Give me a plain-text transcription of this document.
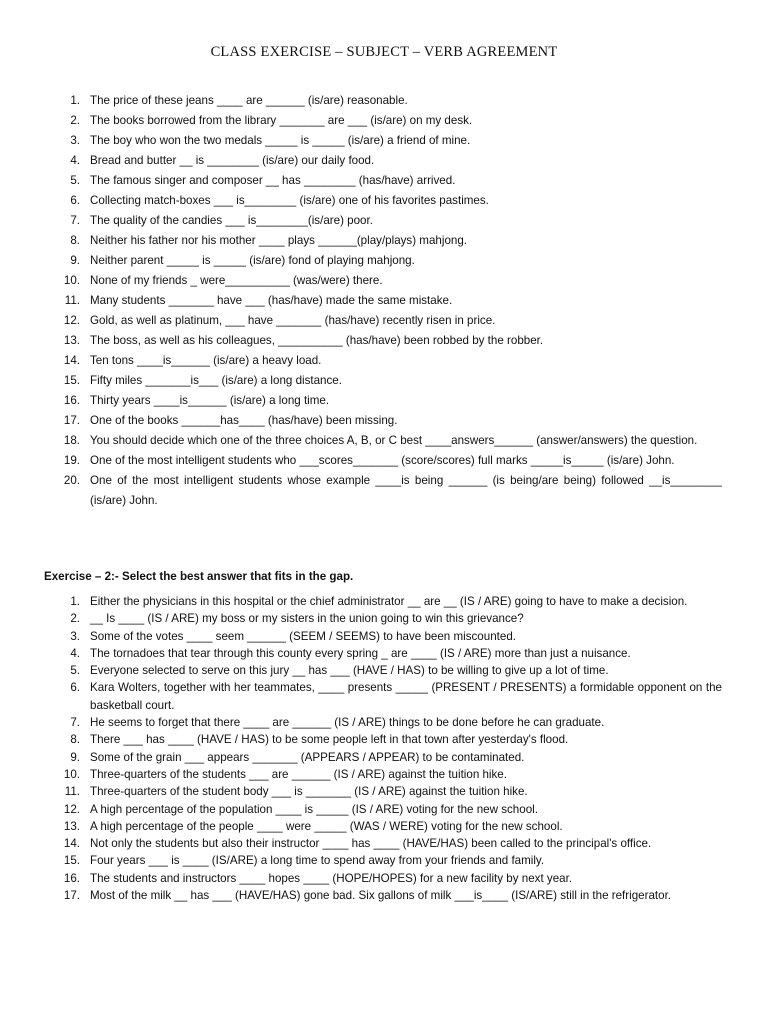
CLASS EXERCISE – SUBJECT – VERB AGREEMENT
1. The price of these jeans ____ are ______ (is/are) reasonable.
2. The books borrowed from the library _______ are ___ (is/are) on my desk.
3. The boy who won the two medals _____ is _____ (is/are) a friend of mine.
4. Bread and butter __ is ________ (is/are) our daily food.
5. The famous singer and composer __ has ________ (has/have) arrived.
6. Collecting match-boxes ___ is________ (is/are) one of his favorites pastimes.
7. The quality of the candies ___ is________(is/are) poor.
8. Neither his father nor his mother ____ plays ______(play/plays) mahjong.
9. Neither parent _____ is _____ (is/are) fond of playing mahjong.
10. None of my friends _ were__________ (was/were) there.
11. Many students _______ have ___ (has/have) made the same mistake.
12. Gold, as well as platinum, ___ have _______ (has/have) recently risen in price.
13. The boss, as well as his colleagues, __________ (has/have) been robbed by the robber.
14. Ten tons ____is______ (is/are) a heavy load.
15. Fifty miles _______is___ (is/are) a long distance.
16. Thirty years ____is______ (is/are) a long time.
17. One of the books ______has____ (has/have) been missing.
18. You should decide which one of the three choices A, B, or C best ____answers______ (answer/answers) the question.
19. One of the most intelligent students who ___scores_______ (score/scores) full marks _____is_____ (is/are) John.
20. One of the most intelligent students whose example ____is being ______ (is being/are being) followed __is________ (is/are) John.
Exercise – 2:- Select the best answer that fits in the gap.
1. Either the physicians in this hospital or the chief administrator __ are __ (IS / ARE) going to have to make a decision.
2. __ Is ____ (IS / ARE) my boss or my sisters in the union going to win this grievance?
3. Some of the votes ____ seem ______ (SEEM / SEEMS) to have been miscounted.
4. The tornadoes that tear through this county every spring _ are ____ (IS / ARE) more than just a nuisance.
5. Everyone selected to serve on this jury __ has ___ (HAVE / HAS) to be willing to give up a lot of time.
6. Kara Wolters, together with her teammates, ____ presents _____ (PRESENT / PRESENTS) a formidable opponent on the basketball court.
7. He seems to forget that there ____ are ______ (IS / ARE) things to be done before he can graduate.
8. There ___ has ____ (HAVE / HAS) to be some people left in that town after yesterday's flood.
9. Some of the grain ___ appears _______ (APPEARS / APPEAR) to be contaminated.
10. Three-quarters of the students ___ are ______ (IS / ARE) against the tuition hike.
11. Three-quarters of the student body ___ is _______ (IS / ARE) against the tuition hike.
12. A high percentage of the population ____ is _____ (IS / ARE) voting for the new school.
13. A high percentage of the people ____ were _____ (WAS / WERE) voting for the new school.
14. Not only the students but also their instructor ____ has ____ (HAVE/HAS) been called to the principal's office.
15. Four years ___ is ____ (IS/ARE) a long time to spend away from your friends and family.
16. The students and instructors ____ hopes ____ (HOPE/HOPES) for a new facility by next year.
17. Most of the milk __ has ___ (HAVE/HAS) gone bad. Six gallons of milk ___is____ (IS/ARE) still in the refrigerator.
